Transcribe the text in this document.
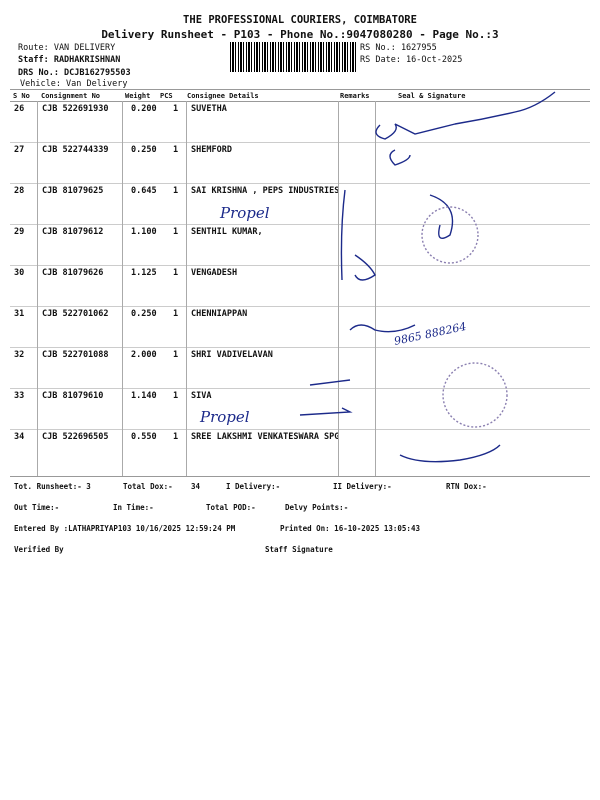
THE PROFESSIONAL COURIERS, COIMBATORE
Delivery Runsheet - P103 - Phone No.:9047080280 - Page No.:3
Route: VAN DELIVERY
Staff: RADHAKRISHNAN
DRS No.: DCJB162795503
Vehicle: Van Delivery
RS No.: 1627955
RS Date: 16-Oct-2025
S No Consignment No	Weight PCS Consignee Details	Remarks	Seal & Signature
26 CJB 522691930	0.200 1 SUVETHA
27 CJB 522744339	0.250 1 SHEMFORD
28 CJB 81079625	0.645 1 SAI KRISHNA , PEPS INDUSTRIES
29 CJB 81079612	1.100 1 SENTHIL KUMAR,
30 CJB 81079626	1.125 1 VENGADESH
31 CJB 522701062	0.250 1 CHENNIAPPAN
32 CJB 522701088	2.000 1 SHRI VADIVELAVAN
33 CJB 81079610	1.140 1 SIVA
34 CJB 522696505	0.550 1 SREE LAKSHMI VENKATESWARA SPG
Propel
Propel
9865 888264
Tot. Runsheet:- 3	Total Dox:- 34	I Delivery:-	II Delivery:-	RTN Dox:-
Out Time:-	In Time:-	Total POD:-	Delvy Points:-
Entered By :LATHAPRIYAP103 10/16/2025 12:59:24 PM	Printed On: 16-10-2025 13:05:43
Verified By	Staff Signature
